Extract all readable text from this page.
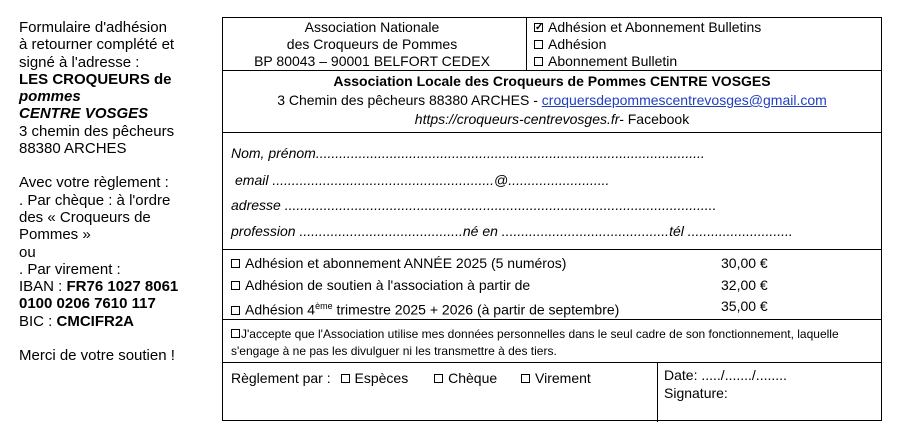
Formulaire d'adhésion
à retourner complété et
signé à l'adresse :
LES CROQUEURS de
pommes
CENTRE VOSGES
3 chemin des pêcheurs
88380 ARCHES
Avec votre règlement :
. Par chèque : à l'ordre
des « Croqueurs de
Pommes »
ou
. Par virement :
IBAN : FR76 1027 8061
0100 0206 7610 117
BIC : CMCIFR2A
Merci de votre soutien !
Association Nationale
des Croqueurs de Pommes
BP 80043 – 90001 BELFORT CEDEX
✓Adhésion et Abonnement Bulletins
Adhésion
Abonnement Bulletin
Association Locale des Croqueurs de Pommes CENTRE VOSGES
3 Chemin des pêcheurs 88380 ARCHES - croquersdepommescentrevosges@gmail.com
https://croqueurs-centrevosges.fr- Facebook
Nom, prénom....................................................................................................
email .........................................................@..........................
adresse ...............................................................................................................
profession ..........................................né en ...........................................tél ...........................
Adhésion et abonnement ANNÉE 2025 (5 numéros)	30,00 €
Adhésion de soutien à l'association à partir de	32,00 €
Adhésion 4ème trimestre 2025 + 2026 (à partir de septembre)	35,00 €
J'accepte que l'Association utilise mes données personnelles dans le seul cadre de son fonctionnement, laquelle s'engage à ne pas les divulguer ni les transmettre à des tiers.
Règlement par : Espèces	Chèque	Virement	Date: ...../......./........
Signature:
